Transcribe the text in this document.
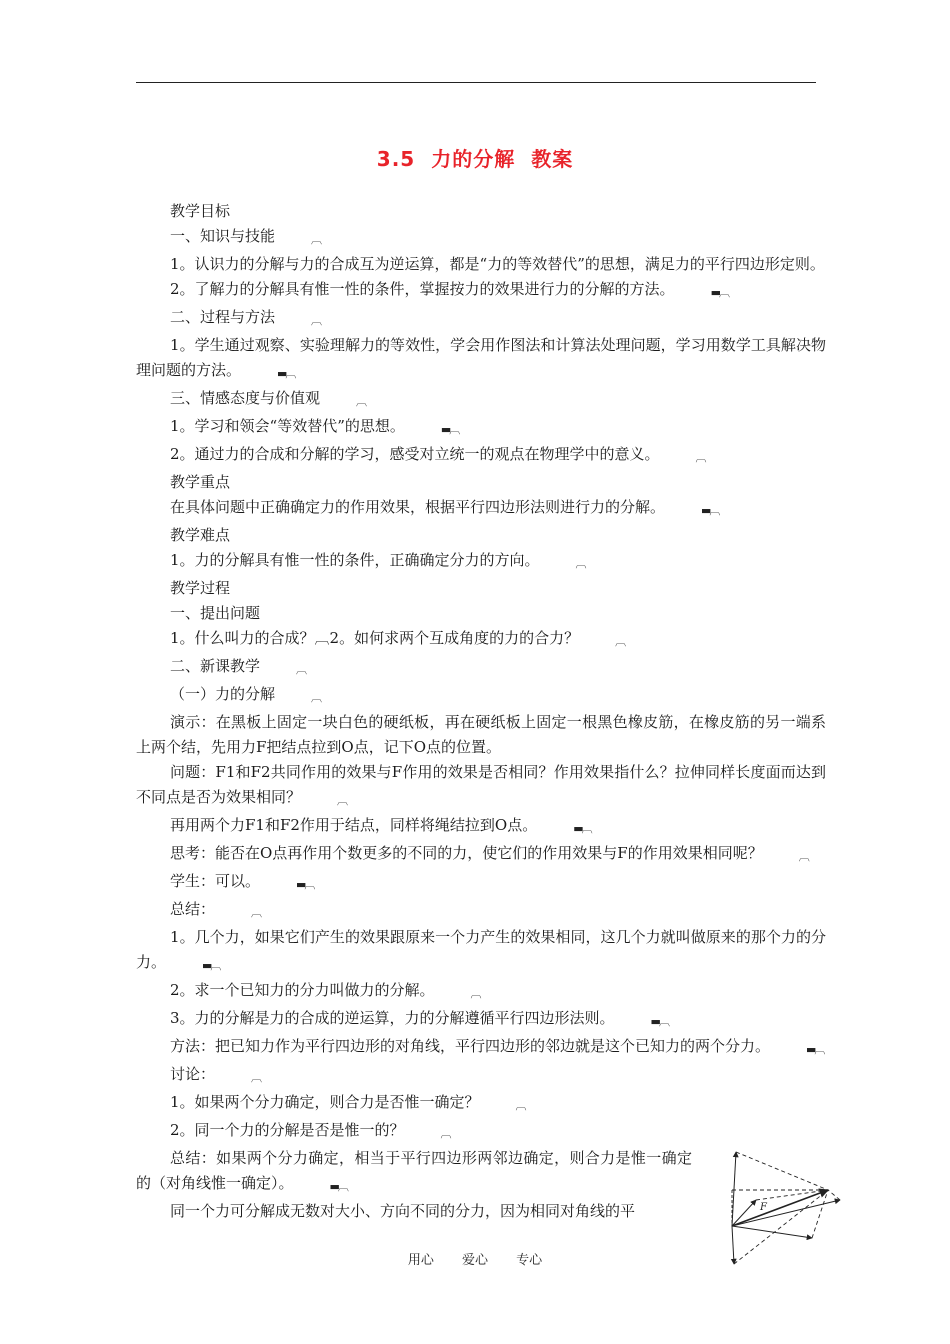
3.5 力的分解 教案

教学目标

一、知识与技能	︹

1。认识力的分解与力的合成互为逆运算，都是“力的等效替代”的思想，满足力的平行四边形定则。

2。了解力的分解具有惟一性的条件，掌握按力的效果进行力的分解的方法。	▬︹

二、过程与方法	︹

1。学生通过观察、实验理解力的等效性，学会用作图法和计算法处理问题，学习用数学工具解决物理问题的方法。	▬︹

三、情感态度与价值观	︹

1。学习和领会“等效替代”的思想。	▬︹

2。通过力的合成和分解的学习，感受对立统一的观点在物理学中的意义。	︹

教学重点

在具体问题中正确确定力的作用效果，根据平行四边形法则进行力的分解。	▬︹

教学难点

1。力的分解具有惟一性的条件，正确确定分力的方向。	︹

教学过程

一、提出问题

1。什么叫力的合成？︹2。如何求两个互成角度的力的合力？	︹

二、新课教学	︹

（一）力的分解	︹

演示：在黑板上固定一块白色的硬纸板，再在硬纸板上固定一根黑色橡皮筋，在橡皮筋的另一端系上两个结，先用力F把结点拉到O点，记下O点的位置。

问题：F1和F2共同作用的效果与F作用的效果是否相同？作用效果指什么？拉伸同样长度面而达到不同点是否为效果相同？	︹

再用两个力F1和F2作用于结点，同样将绳结拉到O点。	▬︹

思考：能否在O点再作用个数更多的不同的力，使它们的作用效果与F的作用效果相同呢？	︹

学生：可以。	▬︹

总结：	︹

1。几个力，如果它们产生的效果跟原来一个力产生的效果相同，这几个力就叫做原来的那个力的分力。	▬︹

2。求一个已知力的分力叫做力的分解。	︹

3。力的分解是力的合成的逆运算，力的分解遵循平行四边形法则。	▬︹

方法：把已知力作为平行四边形的对角线，平行四边形的邻边就是这个已知力的两个分力。	▬︹

讨论：	︹

1。如果两个分力确定，则合力是否惟一确定？	︹

2。同一个力的分解是否是惟一的？	︹

总结：如果两个分力确定，相当于平行四边形两邻边确定，则合力是惟一确定的（对角线惟一确定）。	▬︹

同一个力可分解成无数对大小、方向不同的分力，因为相同对角线的平	F
用心 爱心 专心
